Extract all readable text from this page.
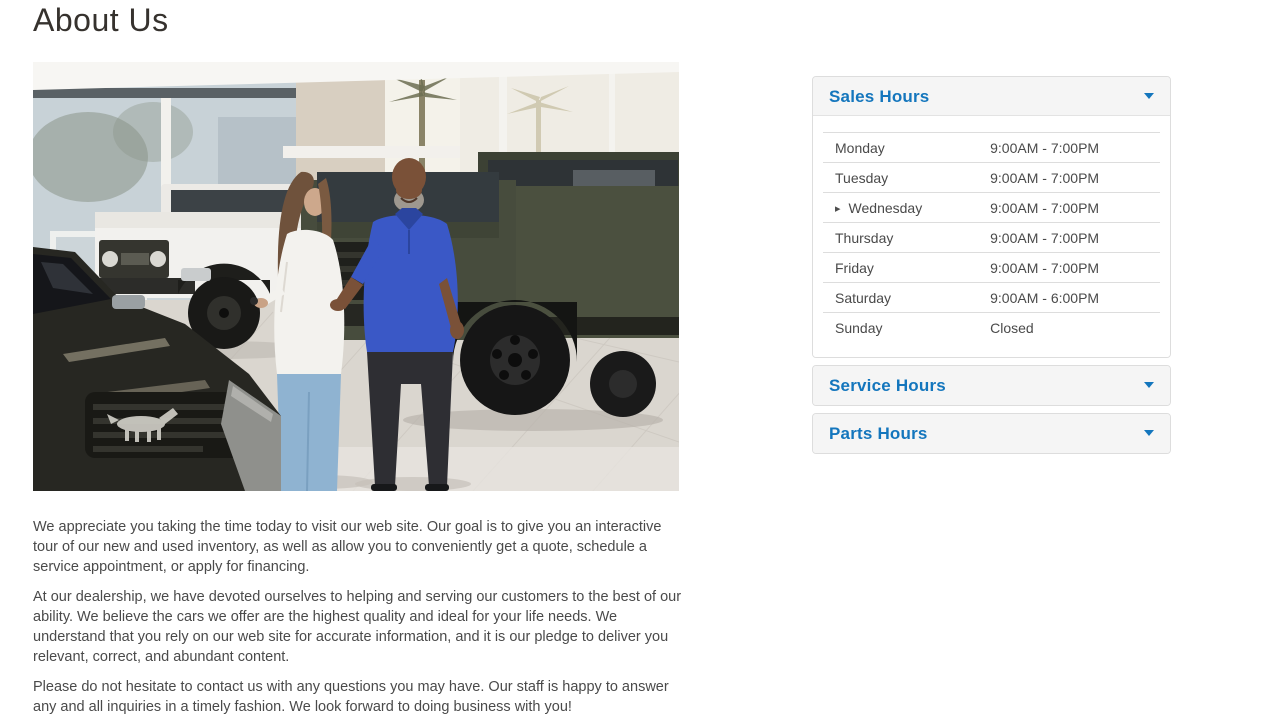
About Us

We appreciate you taking the time today to visit our web site. Our goal is to give you an interactive tour of our new and used inventory, as well as allow you to conveniently get a quote, schedule a service appointment, or apply for financing.

At our dealership, we have devoted ourselves to helping and serving our customers to the best of our ability. We believe the cars we offer are the highest quality and ideal for your life needs. We understand that you rely on our web site for accurate information, and it is our pledge to deliver you relevant, correct, and abundant content.

Please do not hesitate to contact us with any questions you may have. Our staff is happy to answer any and all inquiries in a timely fashion. We look forward to doing business with you!

Sales Hours
Monday	9:00AM - 7:00PM
Tuesday	9:00AM - 7:00PM
▸ Wednesday	9:00AM - 7:00PM
Thursday	9:00AM - 7:00PM
Friday	9:00AM - 7:00PM
Saturday	9:00AM - 6:00PM
Sunday	Closed
Service Hours
Parts Hours
